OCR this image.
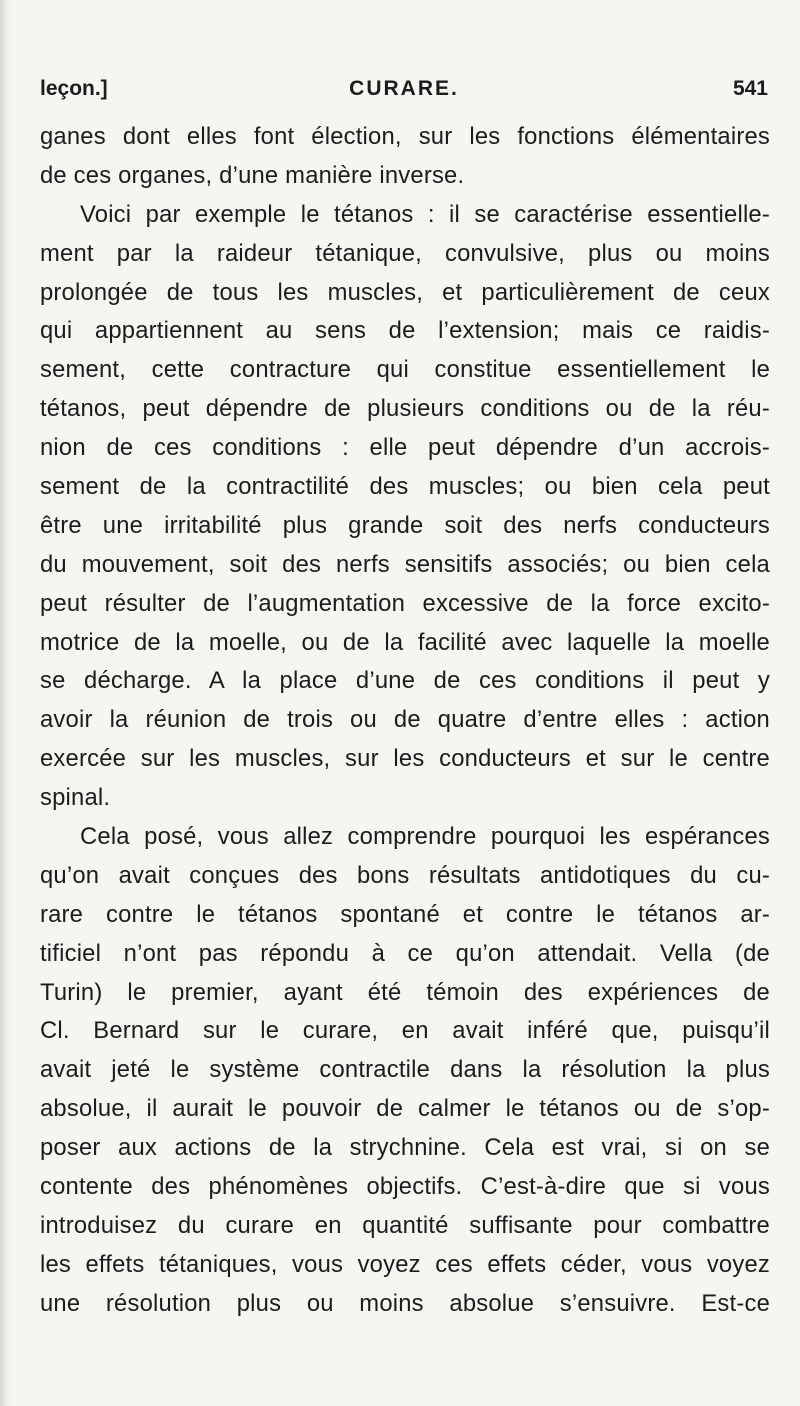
leçon.]	CURARE.	541
ganes dont elles font élection, sur les fonctions élémentaires
de ces organes, d’une manière inverse.
Voici par exemple le tétanos : il se caractérise essentielle-
ment par la raideur tétanique, convulsive, plus ou moins
prolongée de tous les muscles, et particulièrement de ceux
qui appartiennent au sens de l’extension; mais ce raidis-
sement, cette contracture qui constitue essentiellement le
tétanos, peut dépendre de plusieurs conditions ou de la réu-
nion de ces conditions : elle peut dépendre d’un accrois-
sement de la contractilité des muscles; ou bien cela peut
être une irritabilité plus grande soit des nerfs conducteurs
du mouvement, soit des nerfs sensitifs associés; ou bien cela
peut résulter de l’augmentation excessive de la force excito-
motrice de la moelle, ou de la facilité avec laquelle la moelle
se décharge. A la place d’une de ces conditions il peut y
avoir la réunion de trois ou de quatre d’entre elles : action
exercée sur les muscles, sur les conducteurs et sur le centre
spinal.
Cela posé, vous allez comprendre pourquoi les espérances
qu’on avait conçues des bons résultats antidotiques du cu-
rare contre le tétanos spontané et contre le tétanos ar-
tificiel n’ont pas répondu à ce qu’on attendait. Vella (de
Turin) le premier, ayant été témoin des expériences de
Cl. Bernard sur le curare, en avait inféré que, puisqu’il
avait jeté le système contractile dans la résolution la plus
absolue, il aurait le pouvoir de calmer le tétanos ou de s’op-
poser aux actions de la strychnine. Cela est vrai, si on se
contente des phénomènes objectifs. C’est-à-dire que si vous
introduisez du curare en quantité suffisante pour combattre
les effets tétaniques, vous voyez ces effets céder, vous voyez
une résolution plus ou moins absolue s’ensuivre. Est-ce
